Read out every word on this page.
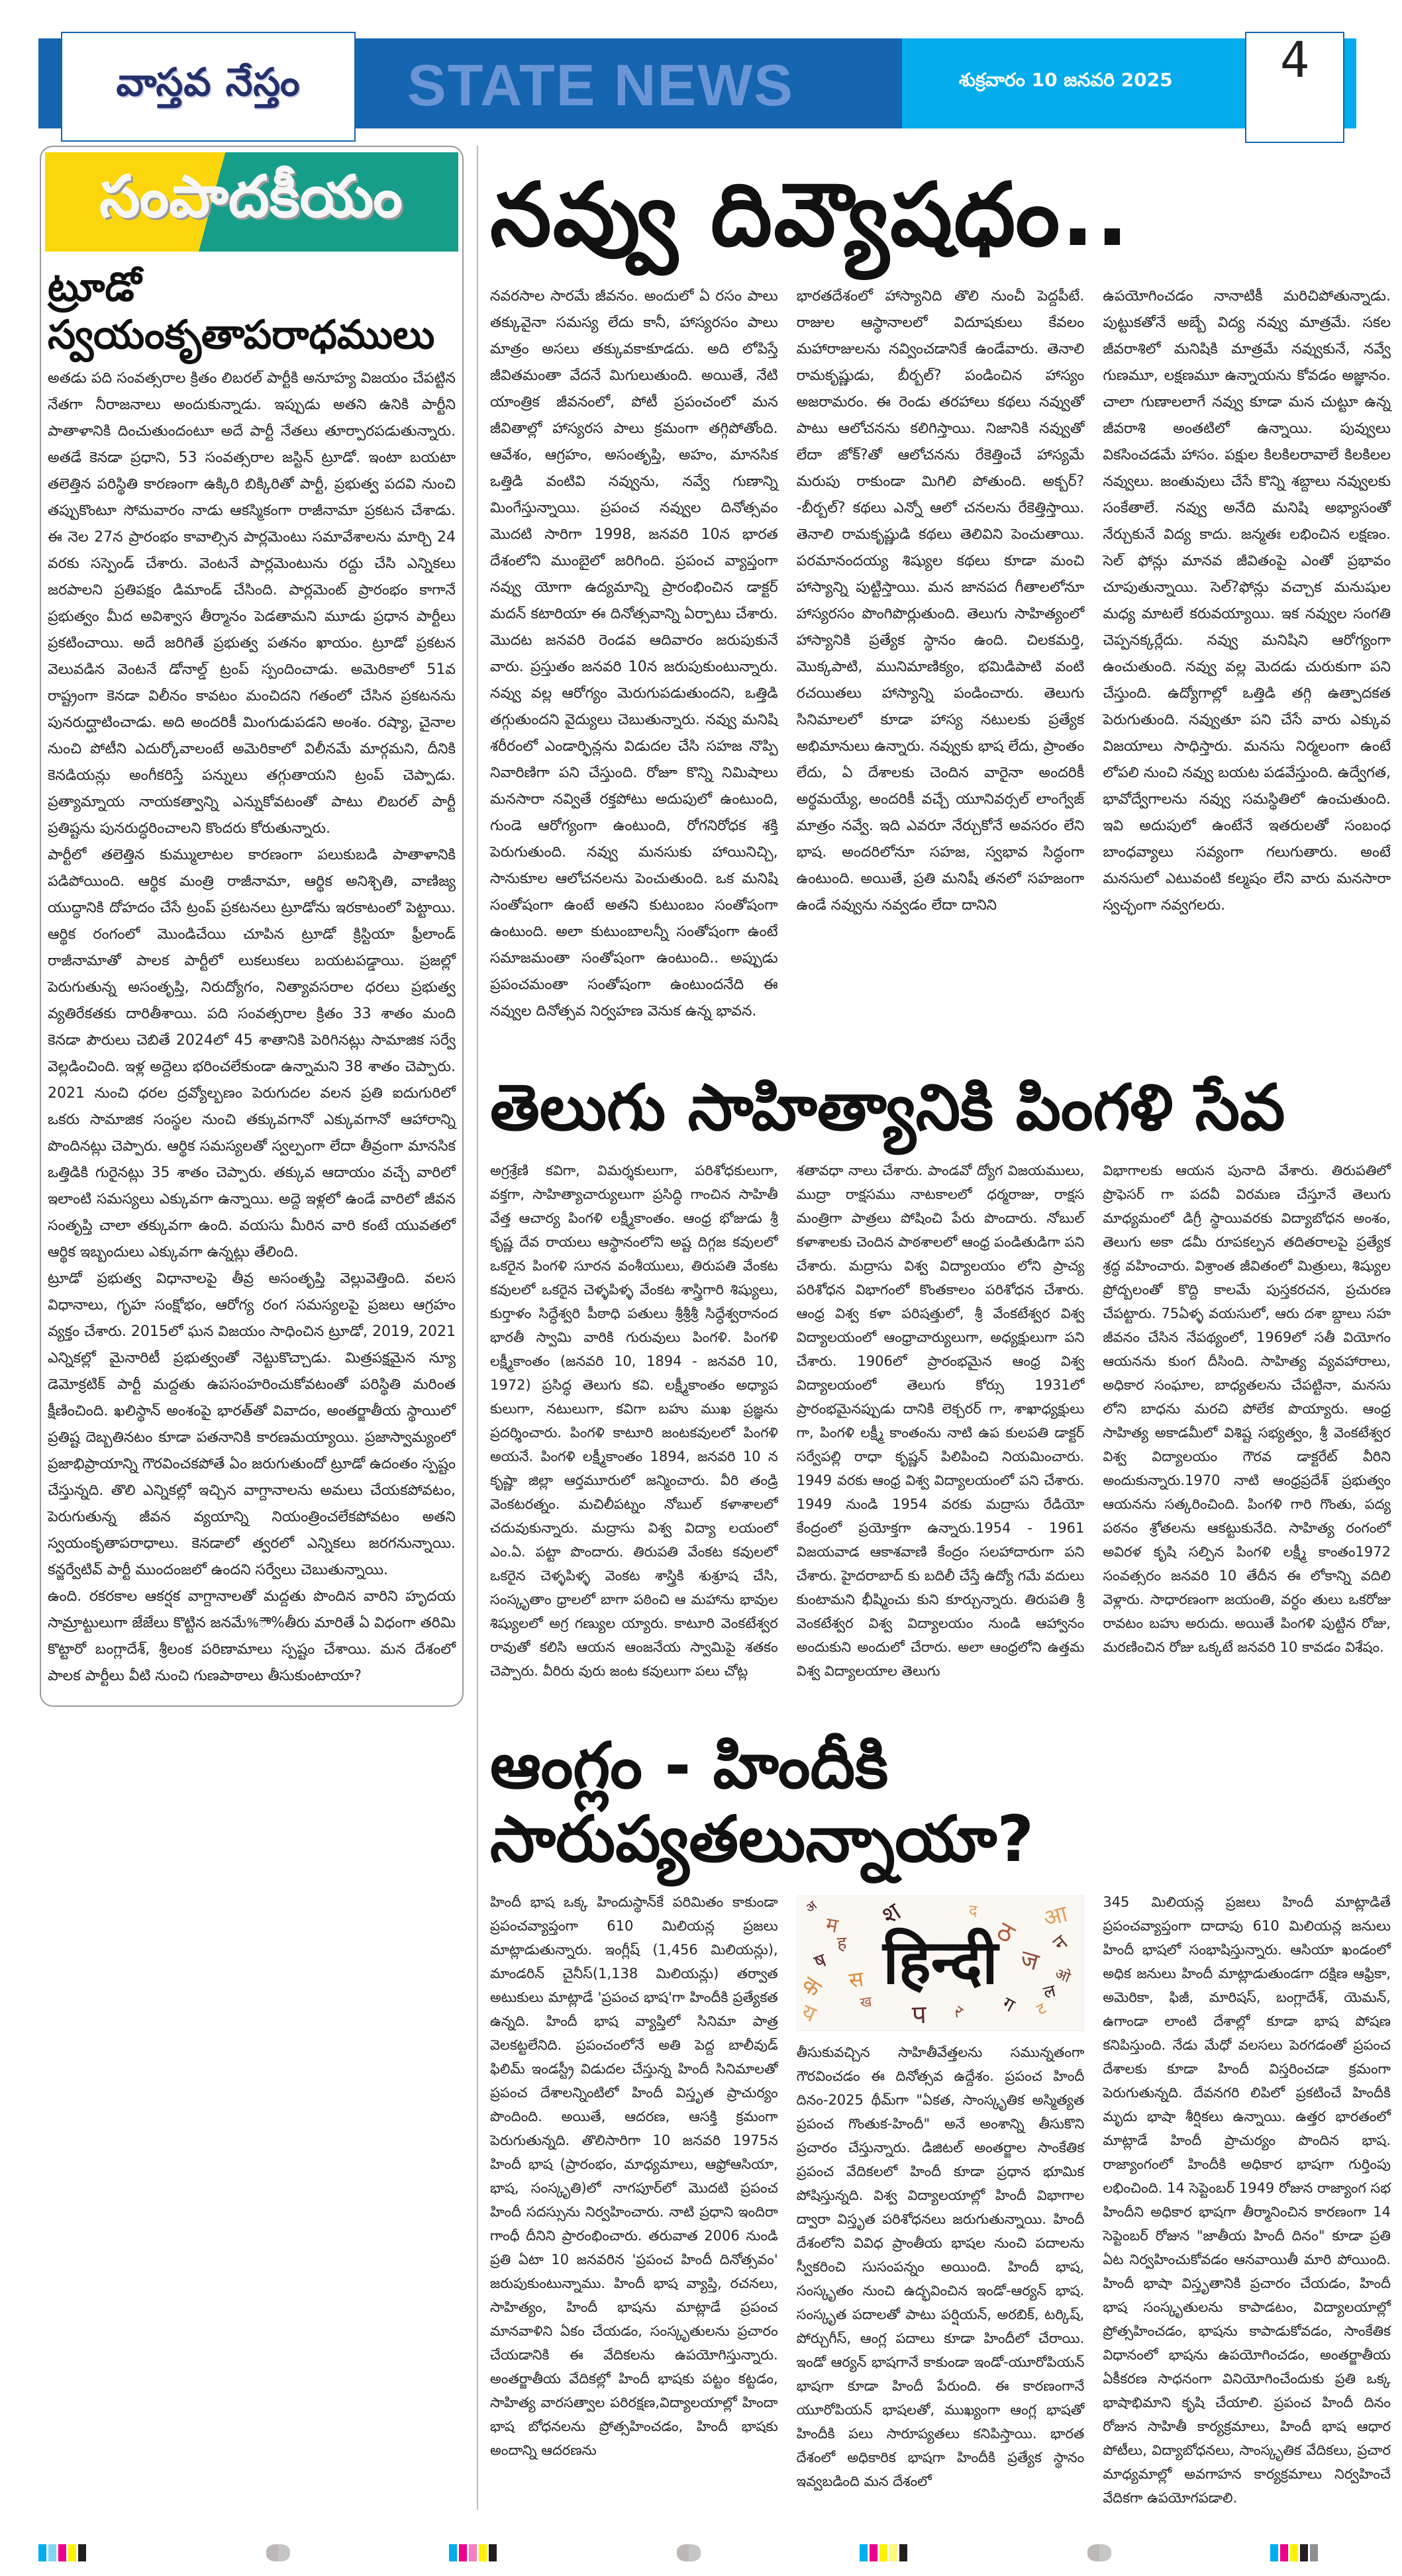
వాస్తవ నేస్తం STATE NEWS	శుక్రవారం 10 జనవరి 2025	4
సంపాదకీయం
ట్రూడో
స్వయంకృతాపరాధములు

అతడు పది సంవత్సరాల క్రితం లిబరల్ పార్టీకి అనూహ్య విజయం చేపట్టిన నేతగా నీరాజనాలు అందుకున్నాడు. ఇప్పుడు అతని ఉనికి పార్టీని పాతాళానికి దించుతుందంటూ అదే పార్టీ నేతలు తూర్పారపడుతున్నారు. అతడే కెనడా ప్రధాని, 53 సంవత్సరాల జస్టిన్ ట్రూడో. ఇంటా బయటా తలెత్తిన పరిస్థితి కారణంగా ఉక్కిరి బిక్కిరితో పార్టీ, ప్రభుత్వ పదవి నుంచి తప్పుకొంటూ సోమవారం నాడు ఆకస్మికంగా రాజీనామా ప్రకటన చేశాడు. ఈ నెల 27న ప్రారంభం కావాల్సిన పార్లమెంటు సమావేశాలను మార్చి 24 వరకు సస్పెండ్ చేశారు. వెంటనే పార్లమెంటును రద్దు చేసి ఎన్నికలు జరపాలని ప్రతిపక్షం డిమాండ్ చేసింది. పార్లమెంట్ ప్రారంభం కాగానే ప్రభుత్వం మీద అవిశ్వాస తీర్మానం పెడతామని మూడు ప్రధాన పార్టీలు ప్రకటించాయి. అదే జరిగితే ప్రభుత్వ పతనం ఖాయం. ట్రూడో ప్రకటన వెలువడిన వెంటనే డోనాల్డ్ ట్రంప్ స్పందించాడు. అమెరికాలో 51వ రాష్ట్రంగా కెనడా విలీనం కావటం మంచిదని గతంలో చేసిన ప్రకటనను పునరుద్ఘాటించాడు. అది అందరికీ మింగుడుపడని అంశం. రష్యా, చైనాల నుంచి పోటీని ఎదుర్కోవాలంటే అమెరికాలో విలీనమే మార్గమని, దీనికి కెనడియన్లు అంగీకరిస్తే పన్నులు తగ్గుతాయని ట్రంప్ చెప్పాడు. ప్రత్యామ్నాయ నాయకత్వాన్ని ఎన్నుకోవటంతో పాటు లిబరల్ పార్టీ ప్రతిష్టను పునరుద్ధరించాలని కొందరు కోరుతున్నారు.

పార్టీలో తలెత్తిన కుమ్ములాటల కారణంగా పలుకుబడి పాతాళానికి పడిపోయింది. ఆర్థిక మంత్రి రాజీనామా, ఆర్థిక అనిశ్చితి, వాణిజ్య యుద్ధానికి దోహదం చేసే ట్రంప్ ప్రకటనలు ట్రూడోను ఇరకాటంలో పెట్టాయి. ఆర్థిక రంగంలో మొండిచేయి చూపిన ట్రూడో క్రిస్టియా ఫ్రీలాండ్ రాజీనామాతో పాలక పార్టీలో లుకలుకలు బయటపడ్డాయి. ప్రజల్లో పెరుగుతున్న అసంతృప్తి, నిరుద్యోగం, నిత్యావసరాల ధరలు ప్రభుత్వ వ్యతిరేకతకు దారితీశాయి. పది సంవత్సరాల క్రితం 33 శాతం మంది కెనడా పౌరులు చెబితే 2024లో 45 శాతానికి పెరిగినట్లు సామాజిక సర్వే వెల్లడించింది. ఇళ్ల అద్దెలు భరించలేకుండా ఉన్నామని 38 శాతం చెప్పారు. 2021 నుంచి ధరల ద్రవ్యోల్బణం పెరుగుదల వలన ప్రతి ఐదుగురిలో ఒకరు సామాజిక సంస్థల నుంచి తక్కువగానో ఎక్కువగానో ఆహారాన్ని పొందినట్లు చెప్పారు. ఆర్థిక సమస్యలతో స్వల్పంగా లేదా తీవ్రంగా మానసిక ఒత్తిడికి గురైనట్లు 35 శాతం చెప్పారు. తక్కువ ఆదాయం వచ్చే వారిలో ఇలాంటి సమస్యలు ఎక్కువగా ఉన్నాయి. అద్దె ఇళ్లలో ఉండే వారిలో జీవన సంతృప్తి చాలా తక్కువగా ఉంది. వయసు మీరిన వారి కంటే యువతలో ఆర్థిక ఇబ్బందులు ఎక్కువగా ఉన్నట్లు తేలింది.

ట్రూడో ప్రభుత్వ విధానాలపై తీవ్ర అసంతృప్తి వెల్లువెత్తింది. వలస విధానాలు, గృహ సంక్షోభం, ఆరోగ్య రంగ సమస్యలపై ప్రజలు ఆగ్రహం వ్యక్తం చేశారు. 2015లో ఘన విజయం సాధించిన ట్రూడో, 2019, 2021 ఎన్నికల్లో మైనారిటీ ప్రభుత్వంతో నెట్టుకొచ్చాడు. మిత్రపక్షమైన న్యూ డెమోక్రటిక్ పార్టీ మద్దతు ఉపసంహరించుకోవటంతో పరిస్థితి మరింత క్షీణించింది. ఖలిస్థాన్ అంశంపై భారత్‌తో వివాదం, అంతర్జాతీయ స్థాయిలో ప్రతిష్ట దెబ్బతినటం కూడా పతనానికి కారణమయ్యాయి. ప్రజాస్వామ్యంలో ప్రజాభిప్రాయాన్ని గౌరవించకపోతే ఏం జరుగుతుందో ట్రూడో ఉదంతం స్పష్టం చేస్తున్నది. తొలి ఎన్నికల్లో ఇచ్చిన వాగ్దానాలను అమలు చేయకపోవటం, పెరుగుతున్న జీవన వ్యయాన్ని నియంత్రించలేకపోవటం అతని స్వయంకృతాపరాధాలు. కెనడాలో త్వరలో ఎన్నికలు జరగనున్నాయి. కన్జర్వేటివ్ పార్టీ ముందంజలో ఉందని సర్వేలు చెబుతున్నాయి.

ఉంది. రకరకాల ఆకర్షక వాగ్దానాలతో మద్దతు పొందిన వారిని హృదయ సామ్రాట్టులుగా జేజేలు కొట్టిన జనమే%ౌా%తీరు మారితే ఏ విధంగా తరిమి కొట్టారో బంగ్లాదేశ్, శ్రీలంక పరిణామాలు స్పష్టం చేశాయి. మన దేశంలో పాలక పార్టీలు వీటి నుంచి గుణపాఠాలు తీసుకుంటాయా?

నవ్వు దివ్యౌషధం..

నవరసాల సారమే జీవనం. అందులో ఏ రసం పాలు తక్కువైనా సమస్య లేదు కానీ, హాస్యరసం పాలు మాత్రం అసలు తక్కువకాకూడదు. అది లోపిస్తే జీవితమంతా వేదనే మిగులుతుంది. అయితే, నేటి యాంత్రిక జీవనంలో, పోటీ ప్రపంచంలో మన జీవితాల్లో హాస్యరస పాలు క్రమంగా తగ్గిపోతోంది. ఆవేశం, ఆగ్రహం, అసంతృప్తి, అహం, మానసిక ఒత్తిడి వంటివి నవ్వును, నవ్వే గుణాన్ని మింగేస్తున్నాయి. ప్రపంచ నవ్వుల దినోత్సవం మొదటి సారిగా 1998, జనవరి 10న భారత దేశంలోని ముంబైలో జరిగింది. ప్రపంచ వ్యాప్తంగా నవ్వు యోగా ఉద్యమాన్ని ప్రారంభించిన డాక్టర్ మదన్ కటారియా ఈ దినోత్సవాన్ని ఏర్పాటు చేశారు. మొదట జనవరి రెండవ ఆదివారం జరుపుకునే వారు. ప్రస్తుతం జనవరి 10న జరుపుకుంటున్నారు. నవ్వు వల్ల ఆరోగ్యం మెరుగుపడుతుందని, ఒత్తిడి తగ్గుతుందని వైద్యులు చెబుతున్నారు. నవ్వు మనిషి శరీరంలో ఎండార్ఫిన్లను విడుదల చేసి సహజ నొప్పి నివారిణిగా పని చేస్తుంది. రోజూ కొన్ని నిమిషాలు మనసారా నవ్వితే రక్తపోటు అదుపులో ఉంటుంది, గుండె ఆరోగ్యంగా ఉంటుంది, రోగనిరోధక శక్తి పెరుగుతుంది. నవ్వు మనసుకు హాయినిచ్చి, సానుకూల ఆలోచనలను పెంచుతుంది. ఒక మనిషి సంతోషంగా ఉంటే అతని కుటుంబం సంతోషంగా ఉంటుంది. అలా కుటుంబాలన్నీ సంతోషంగా ఉంటే సమాజమంతా సంతోషంగా ఉంటుంది.. అప్పుడు ప్రపంచమంతా సంతోషంగా ఉంటుందనేది ఈ నవ్వుల దినోత్సవ నిర్వహణ వెనుక ఉన్న భావన.

భారతదేశంలో హాస్యానిది తొలి నుంచీ పెద్దపీటే. రాజుల ఆస్థానాలలో విదూషకులు కేవలం మహారాజులను నవ్వించడానికే ఉండేవారు. తెనాలి రామకృష్ణుడు, బీర్బల్? పండించిన హాస్యం అజరామరం. ఈ రెండు తరహాలు కథలు నవ్వుతో పాటు ఆలోచనను కలిగిస్తాయి. నిజానికి నవ్వుతో లేదా జోక్?తో ఆలోచనను రేకెత్తించే హాస్యమే మరుపు రాకుండా మిగిలి పోతుంది. అక్బర్? -బీర్బల్? కథలు ఎన్నో ఆలో చనలను రేకెత్తిస్తాయి. తెనాలి రామకృష్ణుడి కథలు తెలివిని పెంచుతాయి. పరమానందయ్య శిష్యుల కథలు కూడా మంచి హాస్యాన్ని పుట్టిస్తాయి. మన జానపద గీతాలలోనూ హాస్యరసం పొంగిపొర్లుతుంది. తెలుగు సాహిత్యంలో హాస్యానికి ప్రత్యేక స్థానం ఉంది. చిలకమర్తి, మొక్కపాటి, మునిమాణిక్యం, భమిడిపాటి వంటి రచయితలు హాస్యాన్ని పండించారు. తెలుగు సినిమాలలో కూడా హాస్య నటులకు ప్రత్యేక అభిమానులు ఉన్నారు. నవ్వుకు భాష లేదు, ప్రాంతం లేదు, ఏ దేశాలకు చెందిన వారైనా అందరికీ అర్థమయ్యే, అందరికీ వచ్చే యూనివర్సల్ లాంగ్వేజ్ మాత్రం నవ్వే. ఇది ఎవరూ నేర్చుకోనే అవసరం లేని భాష. అందరిలోనూ సహజ, స్వభావ సిద్ధంగా ఉంటుంది. అయితే, ప్రతి మనిషీ తనలో సహజంగా ఉండే నవ్వును నవ్వడం లేదా దానిని

ఉపయోగించడం నానాటికీ మరిచిపోతున్నాడు. పుట్టుకతోనే అబ్బే విద్య నవ్వు మాత్రమే. సకల జీవరాశిలో మనిషికి మాత్రమే నవ్వుకునే, నవ్వే గుణమూ, లక్షణమూ ఉన్నాయను కోవడం అజ్ఞానం. చాలా గుణాలలాగే నవ్వు కూడా మన చుట్టూ ఉన్న జీవరాశి అంతటిలో ఉన్నాయి. పువ్వులు వికసించడమే హాసం. పక్షుల కిలకిలరావాలే కిలకిలల నవ్వులు. జంతువులు చేసే కొన్ని శబ్దాలు నవ్వులకు సంకేతాలే. నవ్వు అనేది మనిషి అభ్యాసంతో నేర్చుకునే విద్య కాదు. జన్మతః లభించిన లక్షణం. సెల్ ఫోన్లు మానవ జీవితంపై ఎంతో ప్రభావం చూపుతున్నాయి. సెల్?ఫోన్లు వచ్చాక మనుషుల మధ్య మాటలే కరువయ్యాయి. ఇక నవ్వుల సంగతి చెప్పనక్కర్లేదు. నవ్వు మనిషిని ఆరోగ్యంగా ఉంచుతుంది. నవ్వు వల్ల మెదడు చురుకుగా పని చేస్తుంది. ఉద్యోగాల్లో ఒత్తిడి తగ్గి ఉత్పాదకత పెరుగుతుంది. నవ్వుతూ పని చేసే వారు ఎక్కువ విజయాలు సాధిస్తారు. మనసు నిర్మలంగా ఉంటే లోపలి నుంచి నవ్వు బయట పడవేస్తుంది. ఉద్వేగత, భావోద్వేగాలను నవ్వు సమస్థితిలో ఉంచుతుంది. ఇవి అదుపులో ఉంటేనే ఇతరులతో సంబంధ బాంధవ్యాలు సవ్యంగా గలుగుతారు. అంటే మనసులో ఎటువంటి కల్మషం లేని వారు మనసారా స్వచ్ఛంగా నవ్వగలరు.

తెలుగు సాహిత్యానికి పింగళి సేవ

అగ్రశ్రేణి కవిగా, విమర్శకులుగా, పరిశోధకులుగా, వక్తగా, సాహిత్యాచార్యులుగా ప్రసిద్ధి గాంచిన సాహితీ వేత్త ఆచార్య పింగళి లక్ష్మీకాంతం. ఆంధ్ర భోజుడు శ్రీ కృష్ణ దేవ రాయలు ఆస్థానంలోని అష్ట దిగ్గజ కవులలో ఒకరైన పింగళి సూరన వంశీయులు, తిరుపతి వేంకట కవులలో ఒకరైన చెళ్ళపిళ్ళ వేంకట శాస్త్రిగారి శిష్యులు, కుర్తాళం సిద్ధేశ్వరి పీఠాధి పతులు శ్రీశ్రీశ్రీ సిద్ధేశ్వరానంద భారతీ స్వామి వారికి గురువులు పింగళి. పింగళి లక్ష్మీకాంతం (జనవరి 10, 1894 - జనవరి 10, 1972) ప్రసిద్ధ తెలుగు కవి. లక్ష్మీకాంతం అధ్యాప కులుగా, నటులుగా, కవిగా బహు ముఖ ప్రజ్ఞను ప్రదర్శించారు. పింగళి కాటూరి జంటకవులలో పింగళి అయనే. పింగళి లక్ష్మీకాంతం 1894, జనవరి 10 న కృష్ణా జిల్లా ఆర్తమూరులో జన్మించారు. వీరి తండ్రి వెంకటరత్నం. మచిలీపట్నం నోబుల్ కళాశాలలో చదువుకున్నారు. మద్రాసు విశ్వ విద్యా లయంలో ఎం.ఏ. పట్టా పొందారు. తిరుపతి వేంకట కవులలో ఒకరైన చెళ్ళపిళ్ళ వెంకట శాస్త్రికి శుశ్రూష చేసి, సంస్కృతాం ధ్రాలలో బాగా పఠించి ఆ మహాను భావుల శిష్యులలో అగ్ర గణ్యుల య్యారు. కాటూరి వెంకటేశ్వర రావుతో కలిసి ఆయన ఆంజనేయ స్వామిపై శతకం చెప్పారు. వీరిరు వురు జంట కవులుగా పలు చోట్ల

శతావధా నాలు చేశారు. పాండవో ద్యోగ విజయములు, ముద్రా రాక్షసము నాటకాలలో ధర్మరాజు, రాక్షస మంత్రిగా పాత్రలు పోషించి పేరు పొందారు. నోబుల్ కళాశాలకు చెందిన పాఠశాలలో ఆంధ్ర పండితుడిగా పని చేశారు. మద్రాసు విశ్వ విద్యాలయం లోని ప్రాచ్య పరిశోధన విభాగంలో కొంతకాలం పరిశోధన చేశారు. ఆంధ్ర విశ్వ కళా పరిషత్తులో, శ్రీ వేంకటేశ్వర విశ్వ విద్యాలయంలో ఆంధ్రాచార్యులుగా, అధ్యక్షులుగా పని చేశారు. 1906లో ప్రారంభమైన ఆంధ్ర విశ్వ విద్యాలయంలో తెలుగు కోర్సు 1931లో ప్రారంభమైనప్పుడు దానికి లెక్చరర్ గా, శాఖాధ్యక్షులు గా, పింగళి లక్ష్మీ కాంతంను నాటి ఉప కులపతి డాక్టర్ సర్వేపల్లి రాధా కృష్ణన్ పిలిపించి నియమించారు. 1949 వరకు ఆంధ్ర విశ్వ విద్యాలయంలో పని చేశారు. 1949 నుండి 1954 వరకు మద్రాసు రేడియో కేంద్రంలో ప్రయోక్తగా ఉన్నారు.1954 - 1961 విజయవాడ ఆకాశవాణి కేంద్రం సలహాదారుగా పని చేశారు. హైదరాబాద్ కు బదిలీ చేస్తే ఉద్యో గమే వదులు కుంటామని భీష్మించు కుని కూర్చున్నారు. తిరుపతి శ్రీ వెంకటేశ్వర విశ్వ విద్యాలయం నుండి ఆహ్వానం అందుకుని అందులో చేరారు. అలా ఆంధ్రలోని ఉత్తమ విశ్వ విద్యాలయాల తెలుగు

విభాగాలకు ఆయన పునాది వేశారు. తిరుపతిలో ప్రొఫెసర్ గా పదవీ విరమణ చేస్తూనే తెలుగు మాధ్యమంలో డిగ్రీ స్థాయివరకు విద్యాబోధన అంశం, తెలుగు అకా డమీ రూపకల్పన తదితరాలపై ప్రత్యేక శ్రద్ధ వహించారు. విశ్రాంత జీవితంలో మిత్రులు, శిష్యుల ప్రోద్బలంతో కొద్ది కాలమే పుస్తకరచన, ప్రచురణ చేపట్టారు. 75ఏళ్ళ వయసులో, ఆరు దశా బ్దాలు సహ జీవనం చేసిన నేపథ్యంలో, 1969లో సతీ వియోగం ఆయనను కుంగ దీసింది. సాహిత్య వ్యవహారాలు, అధికార సంఘాల, బాధ్యతలను చేపట్టినా, మనసు లోని బాధను మరచి పోలేక పొయ్యారు. ఆంధ్ర సాహిత్య అకాడమీలో విశిష్ట సభ్యత్వం, శ్రీ వెంకటేశ్వర విశ్వ విద్యాలయం గౌరవ డాక్టరేట్ వీరిని అందుకున్నారు.1970 నాటి ఆంధ్రప్రదేశ్ ప్రభుత్వం ఆయనను సత్కరించింది. పింగళి గారి గొంతు, పద్య పఠనం శ్రోతలను ఆకట్టుకునేది. సాహిత్య రంగంలో అవిరళ కృషి సల్పిన పింగళి లక్ష్మీ కాంతం1972 సంవత్సరం జనవరి 10 తేదీన ఈ లోకాన్ని వదిలి వెళ్లారు. సాధారణంగా జయంతి, వర్ధం తులు ఒకరోజు రావటం బహు అరుదు. అయితే పింగళి పుట్టిన రోజు, మరణించిన రోజు ఒక్కటే జనవరి 10 కావడం విశేషం.

ఆంగ్లం - హిందీకి సారుప్యతలున్నాయా?

హిందీ భాష ఒక్క హిందుస్థాన్‌కే పరిమితం కాకుండా ప్రపంచవ్యాప్తంగా 610 మిలియన్ల ప్రజలు మాట్లాడుతున్నారు. ఇంగ్లీష్ (1,456 మిలియన్లు), మాండరిన్ చైనీస్(1,138 మిలియన్లు) తర్వాత అటుకులు మాట్లాడే 'ప్రపంచ భాష'గా హిందీకి ప్రత్యేకత ఉన్నది. హిందీ భాష వ్యాప్తిలో సినిమా పాత్ర వెలకట్టలేనిది. ప్రపంచంలోనే అతి పెద్ద బాలీవుడ్ ఫిలిమ్ ఇండస్ట్రీ విడుదల చేస్తున్న హిందీ సినిమాలతో ప్రపంచ దేశాలన్నింటిలో హిందీ విస్తృత ప్రాచుర్యం పొందింది. అయితే, ఆదరణ, ఆసక్తి క్రమంగా పెరుగుతున్నది. తొలిసారిగా 10 జనవరి 1975న హిందీ భాష (ప్రారంభం, మాధ్యమాలు, ఆఫ్రోఆసియా, భాష, సంస్కృతి)లో నాగపూర్‌లో మొదటి ప్రపంచ హిందీ సదస్సును నిర్వహించారు. నాటి ప్రధాని ఇందిరా గాంధీ దీనిని ప్రారంభించారు. తరువాత 2006 నుండి ప్రతి ఏటా 10 జనవరిన 'ప్రపంచ హిందీ దినోత్సవం' జరుపుకుంటున్నాము. హిందీ భాష వ్యాప్తి, రచనలు, సాహిత్యం, హిందీ భాషను మాట్లాడే ప్రపంచ మానవాళిని ఏకం చేయడం, సంస్కృతులను ప్రచారం చేయడానికి ఈ వేదికలను ఉపయోగిస్తున్నారు. అంతర్జాతీయ వేదికల్లో హిందీ భాషకు పట్టం కట్టడం, సాహిత్య వారసత్వాల పరిరక్షణ,విద్యాలయాల్లో హిందా భాష బోధనలను ప్రోత్సహించడం, హిందీ భాషకు అందాన్ని ఆదరణను

य
ल
ठ
स
र
प
न
द
श
म
ट
ज
ष
ओ
आ
ग
ख
क
ह
अ
हिन्दी

తీసుకువచ్చిన సాహితీవేత్తలను సమున్నతంగా గౌరవించడం ఈ దినోత్సవ ఉద్దేశం. ప్రపంచ హిందీ దినం-2025 థీమ్‌గా "ఏకత, సాంస్కృతిక అస్మిత్యత ప్రపంచ గొంతుక-హిందీ" అనే అంశాన్ని తీసుకొని ప్రచారం చేస్తున్నారు. డిజిటల్ అంతర్జాల సాంకేతిక ప్రపంచ వేదికలలో హిందీ కూడా ప్రధాన భూమిక పోషిస్తున్నది. విశ్వ విద్యాలయాల్లో హిందీ విభాగాల ద్వారా విస్తృత పరిశోధనలు జరుగుతున్నాయి. హిందీ దేశంలోని వివిధ ప్రాంతీయ భాషల నుంచి పదాలను స్వీకరించి సుసంపన్నం అయింది. హిందీ భాష, సంస్కృతం నుంచి ఉద్భవించిన ఇండో-ఆర్యన్ భాష. సంస్కృత పదాలతో పాటు పర్షియన్, అరబిక్, టర్కిష్, పోర్చుగీస్, ఆంగ్ల పదాలు కూడా హిందీలో చేరాయి. ఇండో ఆర్యన్ భాషగానే కాకుండా ఇండో-యూరోపియన్ భాషగా కూడా హిందీ పేరుంది. ఈ కారణంగానే యూరోపియన్ భాషలతో, ముఖ్యంగా ఆంగ్ల భాషతో హిందీకి పలు సారూప్యతలు కనిపిస్తాయి. భారత దేశంలో అధికారిక భాషగా హిందీకి ప్రత్యేక స్థానం ఇవ్వబడింది మన దేశంలో

345 మిలియన్ల ప్రజలు హిందీ మాట్లాడితే ప్రపంచవ్యాప్తంగా దాదాపు 610 మిలియన్ల జనులు హిందీ భాషలో సంభాషిస్తున్నారు. ఆసియా ఖండంలో అధిక జనులు హిందీ మాట్లాడుతుండగా దక్షిణ ఆఫ్రికా, అమెరికా, ఫిజీ, మారిషస్, బంగ్లాదేశ్, యెమన్, ఉగాండా లాంటి దేశాల్లో కూడా భాష పోషణ కనిపిస్తుంది. నేడు మేధో వలసలు పెరగడంతో ప్రపంచ దేశాలకు కూడా హిందీ విస్తరించడా క్రమంగా పెరుగుతున్నది. దేవనగరి లిపిలో ప్రకటించే హిందీకి మృదు భాషా శీర్షికలు ఉన్నాయి. ఉత్తర భారతంలో మాట్లాడే హిందీ ప్రాచుర్యం పొందిన భాష. రాజ్యాంగంలో హిందీకి అధికార భాషగా గుర్తింపు లభించింది. 14 సెప్టెంబర్ 1949 రోజున రాజ్యాంగ సభ హిందీని అధికార భాషగా తీర్మానించిన కారణంగా 14 సెప్టెంబర్ రోజున "జాతీయ హిందీ దినం" కూడా ప్రతి ఏట నిర్వహించుకోవడం ఆనవాయితీ మారి పోయింది. హిందీ భాషా విస్తృతానికి ప్రచారం చేయడం, హిందీ భాష సంస్కృతులను కాపాడటం, విద్యాలయాల్లో ప్రోత్సహించడం, భాషను కాపాడుకోవడం, సాంకేతిక విధానంలో భాషను ఉపయోగించడం, అంతర్జాతీయ ఏకీకరణ సాధనంగా వినియోగించేందుకు ప్రతి ఒక్క భాషాభిమాని కృషి చేయాలి. ప్రపంచ హిందీ దినం రోజున సాహితీ కార్యక్రమాలు, హిందీ భాష ఆధార పోటీలు, విద్యాబోధనలు, సాంస్కృతిక వేదికలు, ప్రచార మాధ్యమాల్లో అవగాహన కార్యక్రమాలు నిర్వహించే వేదికగా ఉపయోగపడాలి.
